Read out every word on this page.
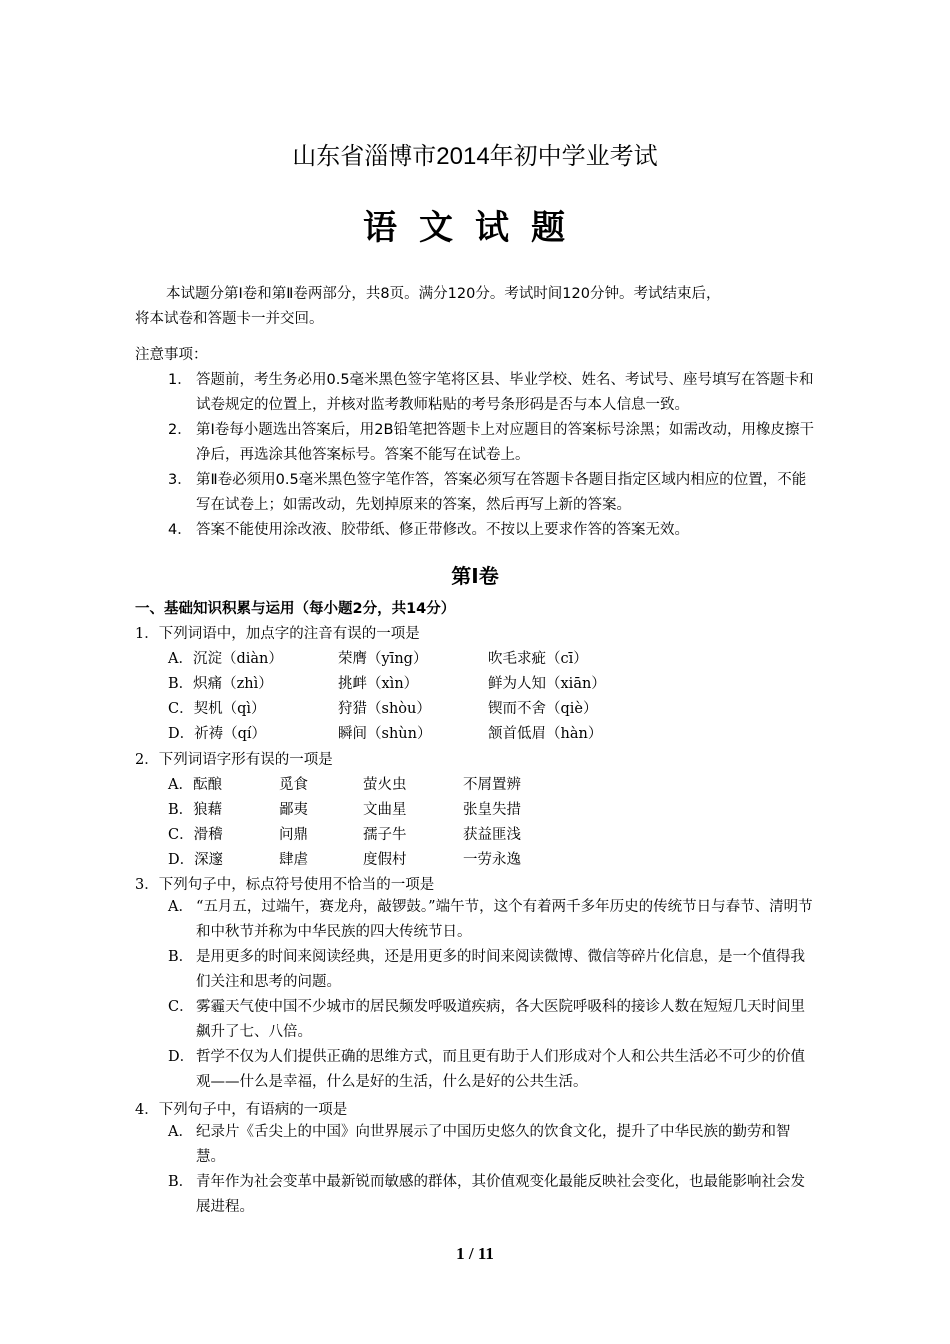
山东省淄博市2014年初中学业考试
语文试题
本试题分第Ⅰ卷和第Ⅱ卷两部分，共8页。满分120分。考试时间120分钟。考试结束后，
将本试卷和答题卡一并交回。
注意事项：
1． 答题前，考生务必用0.5毫米黑色签字笔将区县、毕业学校、姓名、考试号、座号填写在答题卡和试卷规定的位置上，并核对监考教师粘贴的考号条形码是否与本人信息一致。
2． 第Ⅰ卷每小题选出答案后，用2B铅笔把答题卡上对应题目的答案标号涂黑；如需改动，用橡皮擦干净后，再选涂其他答案标号。答案不能写在试卷上。
3． 第Ⅱ卷必须用0.5毫米黑色签字笔作答，答案必须写在答题卡各题目指定区域内相应的位置，不能写在试卷上；如需改动，先划掉原来的答案，然后再写上新的答案。
4． 答案不能使用涂改液、胶带纸、修正带修改。不按以上要求作答的答案无效。
第Ⅰ卷
一、基础知识积累与运用（每小题2分，共14分）
1．下列词语中，加点字的注音有误的一项是
A．沉淀（diàn）	荣膺（yīng）	吹毛求疵（cī）
B．炽痛（zhì）	挑衅（xìn）	鲜为人知（xiān）
C．契机（qì）	狩猎（shòu）	锲而不舍（qiè）
D．祈祷（qí）	瞬间（shùn）	颔首低眉（hàn）
2．下列词语字形有误的一项是
A．酝酿	觅食	萤火虫	不屑置辨
B．狼藉	鄙夷	文曲星	张皇失措
C．滑稽	问鼎	孺子牛	获益匪浅
D．深邃	肆虐	度假村	一劳永逸
3．下列句子中，标点符号使用不恰当的一项是
A． “五月五，过端午，赛龙舟，敲锣鼓。”端午节，这个有着两千多年历史的传统节日与春节、清明节和中秋节并称为中华民族的四大传统节日。
B． 是用更多的时间来阅读经典，还是用更多的时间来阅读微博、微信等碎片化信息，是一个值得我们关注和思考的问题。
C． 雾霾天气使中国不少城市的居民频发呼吸道疾病，各大医院呼吸科的接诊人数在短短几天时间里飙升了七、八倍。
D． 哲学不仅为人们提供正确的思维方式，而且更有助于人们形成对个人和公共生活必不可少的价值观——什么是幸福，什么是好的生活，什么是好的公共生活。
4．下列句子中，有语病的一项是
A． 纪录片《舌尖上的中国》向世界展示了中国历史悠久的饮食文化，提升了中华民族的勤劳和智慧。
B． 青年作为社会变革中最新锐而敏感的群体，其价值观变化最能反映社会变化，也最能影响社会发展进程。
1 / 11
